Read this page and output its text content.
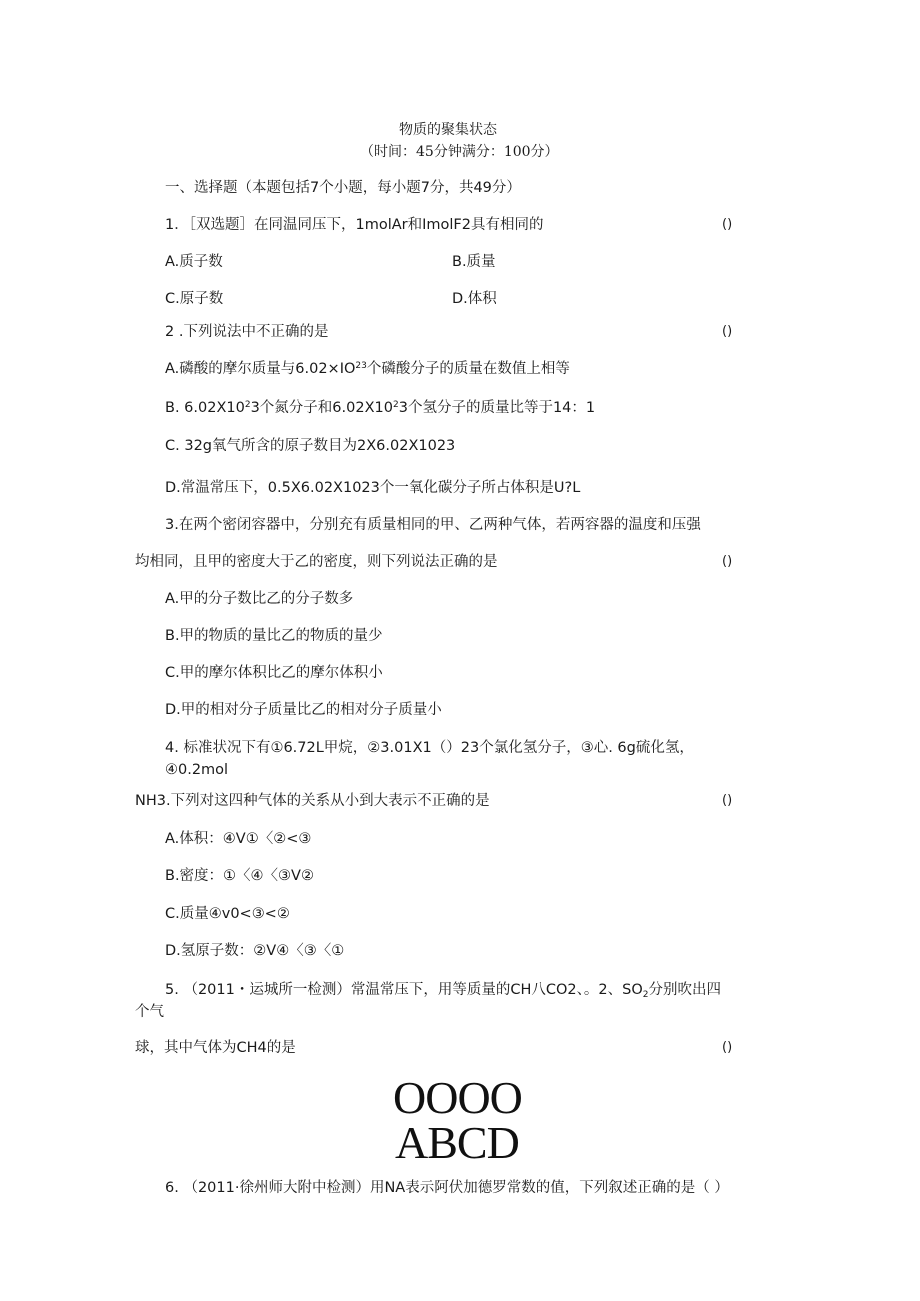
物质的聚集状态
（时间：45分钟满分：100分）
一、选择题（本题包括7个小题，每小题7分，共49分）
1．［双选题］在同温同压下，1molAr和ImolF2具有相同的	()
A.质子数	B.质量
C.原子数	D.体积
2 .下列说法中不正确的是	()
A.磷酸的摩尔质量与$6.02\times IO^{23}$个磷酸分子的质量在数值上相等
B. $6.02X10^23$个氮分子和$6.02X10^23$个氢分子的质量比等于14：1
C. 32g氧气所含的原子数目为2X6.02X1023
D.常温常压下，0.5X6.02X1023个一氧化碳分子所占体积是U?L
3.在两个密闭容器中，分别充有质量相同的甲、乙两种气体，若两容器的温度和压强
均相同，且甲的密度大于乙的密度，则下列说法正确的是	()
A.甲的分子数比乙的分子数多
B.甲的物质的量比乙的物质的量少
C.甲的摩尔体积比乙的摩尔体积小
D.甲的相对分子质量比乙的相对分子质量小
4. 标准状况下有①6.72L甲烷，②3.01X1（）23个氯化氢分子，③心. 6g硫化氢，
④0.2mol
NH3.下列对这四种气体的关系从小到大表示不正确的是	()
A.体积：④V①〈②<③
B.密度：①〈④〈③V②
C.质量④v0<③<②
D.氢原子数：②V④〈③〈①
5. （2011・运城所一检测）常温常压下，用等质量的CH八CO2、。2、$SO_2$分别吹出四
个气
球，其中气体为CH4的是	()
OOOO
ABCD
6. （2011·徐州师大附中检测）用NA表示阿伏加德罗常数的值，下列叙述正确的是（ ）
